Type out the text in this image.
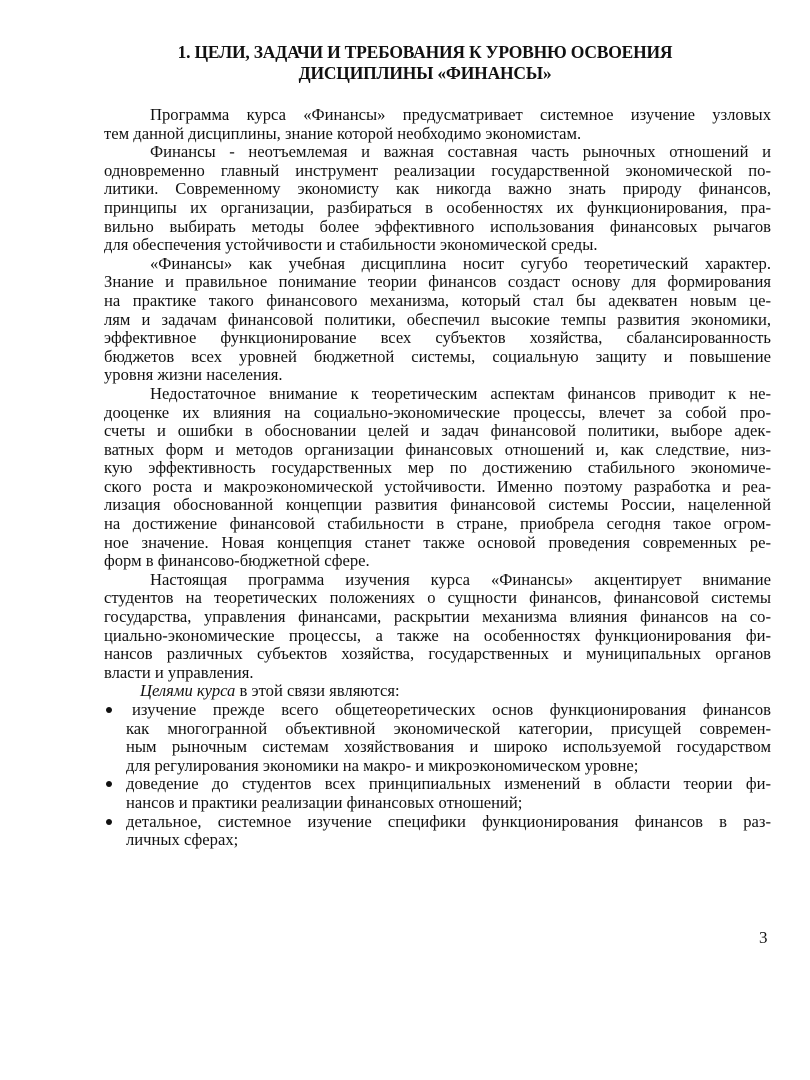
1. ЦЕЛИ, ЗАДАЧИ И ТРЕБОВАНИЯ К УРОВНЮ ОСВОЕНИЯ
ДИСЦИПЛИНЫ «ФИНАНСЫ»
Программа курса «Финансы» предусматривает системное изучение узловых
тем данной дисциплины, знание которой необходимо экономистам.
Финансы - неотъемлемая и важная составная часть рыночных отношений и
одновременно главный инструмент реализации государственной экономической по-
литики. Современному экономисту как никогда важно знать природу финансов,
принципы их организации, разбираться в особенностях их функционирования, пра-
вильно выбирать методы более эффективного использования финансовых рычагов
для обеспечения устойчивости и стабильности экономической среды.
«Финансы» как учебная дисциплина носит сугубо теоретический характер.
Знание и правильное понимание теории финансов создаст основу для формирования
на практике такого финансового механизма, который стал бы адекватен новым це-
лям и задачам финансовой политики, обеспечил высокие темпы развития экономики,
эффективное функционирование всех субъектов хозяйства, сбалансированность
бюджетов всех уровней бюджетной системы, социальную защиту и повышение
уровня жизни населения.
Недостаточное внимание к теоретическим аспектам финансов приводит к не-
дооценке их влияния на социально-экономические процессы, влечет за собой про-
счеты и ошибки в обосновании целей и задач финансовой политики, выборе адек-
ватных форм и методов организации финансовых отношений и, как следствие, низ-
кую эффективность государственных мер по достижению стабильного экономиче-
ского роста и макроэкономической устойчивости. Именно поэтому разработка и реа-
лизация обоснованной концепции развития финансовой системы России, нацеленной
на достижение финансовой стабильности в стране, приобрела сегодня такое огром-
ное значение. Новая концепция станет также основой проведения современных ре-
форм в финансово-бюджетной сфере.
Настоящая программа изучения курса «Финансы» акцентирует внимание
студентов на теоретических положениях о сущности финансов, финансовой системы
государства, управления финансами, раскрытии механизма влияния финансов на со-
циально-экономические процессы, а также на особенностях функционирования фи-
нансов различных субъектов хозяйства, государственных и муниципальных органов
власти и управления.
Целями курса в этой связи являются:
изучение прежде всего общетеоретических основ функционирования финансов
как многогранной объективной экономической категории, присущей современ-
ным рыночным системам хозяйствования и широко используемой государством
для регулирования экономики на макро- и микроэкономическом уровне;
доведение до студентов всех принципиальных изменений в области теории фи-
нансов и практики реализации финансовых отношений;
детальное, системное изучение специфики функционирования финансов в раз-
личных сферах;
3
